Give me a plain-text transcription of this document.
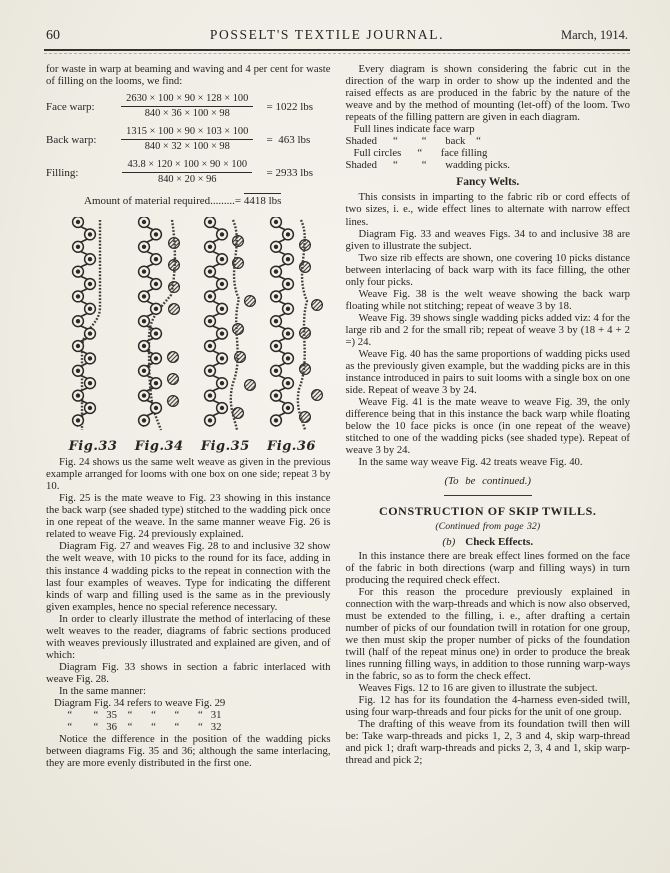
60	POSSELT'S TEXTILE JOURNAL.	March, 1914.

for waste in warp at beaming and waving and 4 per cent for waste of filling on the looms, we find:

Face warp:	$\frac{2630 \times 100 \times 90 \times 128 \times 100}{840 \times 36 \times 100 \times 98} = 1022$ lbs
Back warp:	$\frac{1315 \times 100 \times 90 \times 103 \times 100}{840 \times 32 \times 100 \times 98} = 463$ lbs
Filling:	$\frac{43.8 \times 120 \times 100 \times 90 \times 100}{840 \times 20 \times 96} = 2933$ lbs

Amount of material required.........= 4418 lbs

Fig.33	Fig.34	Fig.35	Fig.36

Fig. 24 shows us the same welt weave as given in the previous example arranged for looms with one box on one side; repeat 3 by 10.

Fig. 25 is the mate weave to Fig. 23 showing in this instance the back warp (see shaded type) stitched to the wadding pick once in one repeat of the weave. In the same manner weave Fig. 26 is related to weave Fig. 24 previously explained.

Diagram Fig. 27 and weaves Fig. 28 to and inclusive 32 show the welt weave, with 10 picks to the round for its face, adding in this instance 4 wadding picks to the repeat in connection with the last four examples of weaves. Type for indicating the different kinds of warp and filling used is the same as in the previously given examples, hence no special reference necessary.

In order to clearly illustrate the method of interlacing of these welt weaves to the reader, diagrams of fabric sections produced with weaves previously illustrated and explained are given, and of which:

Diagram Fig. 33 shows in section a fabric interlaced with weave Fig. 28.

In the same manner:

Diagram Fig. 34 refers to weave Fig. 29

“        “   35    “       “       “       “   31

“        “   36    “       “       “       “   32

Notice the difference in the position of the wadding picks between diagrams Fig. 35 and 36; although the same interlacing, they are more evenly distributed in the first one.

Every diagram is shown considering the fabric cut in the direction of the warp in order to show up the indented and the raised effects as are produced in the fabric by the nature of the weave and by the method of mounting (let-off) of the loom. Two repeats of the filling pattern are given in each diagram.

Full lines indicate face warp

Shaded      “         “       back    “

Full circles      “       face filling

Shaded      “         “       wadding picks.

Fancy Welts.

This consists in imparting to the fabric rib or cord effects of two sizes, i. e., wide effect lines to alternate with narrow effect lines.

Diagram Fig. 33 and weaves Figs. 34 to and inclusive 38 are given to illustrate the subject.

Two size rib effects are shown, one covering 10 picks distance between interlacing of back warp with its face filling, the other only four picks.

Weave Fig. 38 is the welt weave showing the back warp floating while not stitching; repeat of weave 3 by 18.

Weave Fig. 39 shows single wadding picks added viz: 4 for the large rib and 2 for the small rib; repeat of weave 3 by (18 + 4 + 2 =) 24.

Weave Fig. 40 has the same proportions of wadding picks used as the previously given example, but the wadding picks are in this instance introduced in pairs to suit looms with a single box on one side. Repeat of weave 3 by 24.

Weave Fig. 41 is the mate weave to weave Fig. 39, the only difference being that in this instance the back warp while floating below the 10 face picks is once (in one repeat of the weave) stitched to one of the wadding picks (see shaded type). Repeat of weave 3 by 24.

In the same way weave Fig. 42 treats weave Fig. 40.

(To be continued.)

CONSTRUCTION OF SKIP TWILLS.

(Continued from page 32)

(b) Check Effects.

In this instance there are break effect lines formed on the face of the fabric in both directions (warp and filling ways) in turn producing the required check effect.

For this reason the procedure previously explained in connection with the warp-threads and which is now also observed, must be extended to the filling, i. e., after drafting a certain number of picks of our foundation twill in rotation for one group, we then must skip the proper number of picks of the foundation twill (half of the repeat minus one) in order to produce the break lines running filling ways, in addition to those running warp-ways in the fabric, so as to form the check effect.

Weaves Figs. 12 to 16 are given to illustrate the subject.

Fig. 12 has for its foundation the 4-harness even-sided twill, using four warp-threads and four picks for the unit of one group.

The drafting of this weave from its foundation twill then will be: Take warp-threads and picks 1, 2, 3 and 4, skip warp-thread and pick 1; draft warp-threads and picks 2, 3, 4 and 1, skip warp-thread and pick 2;
